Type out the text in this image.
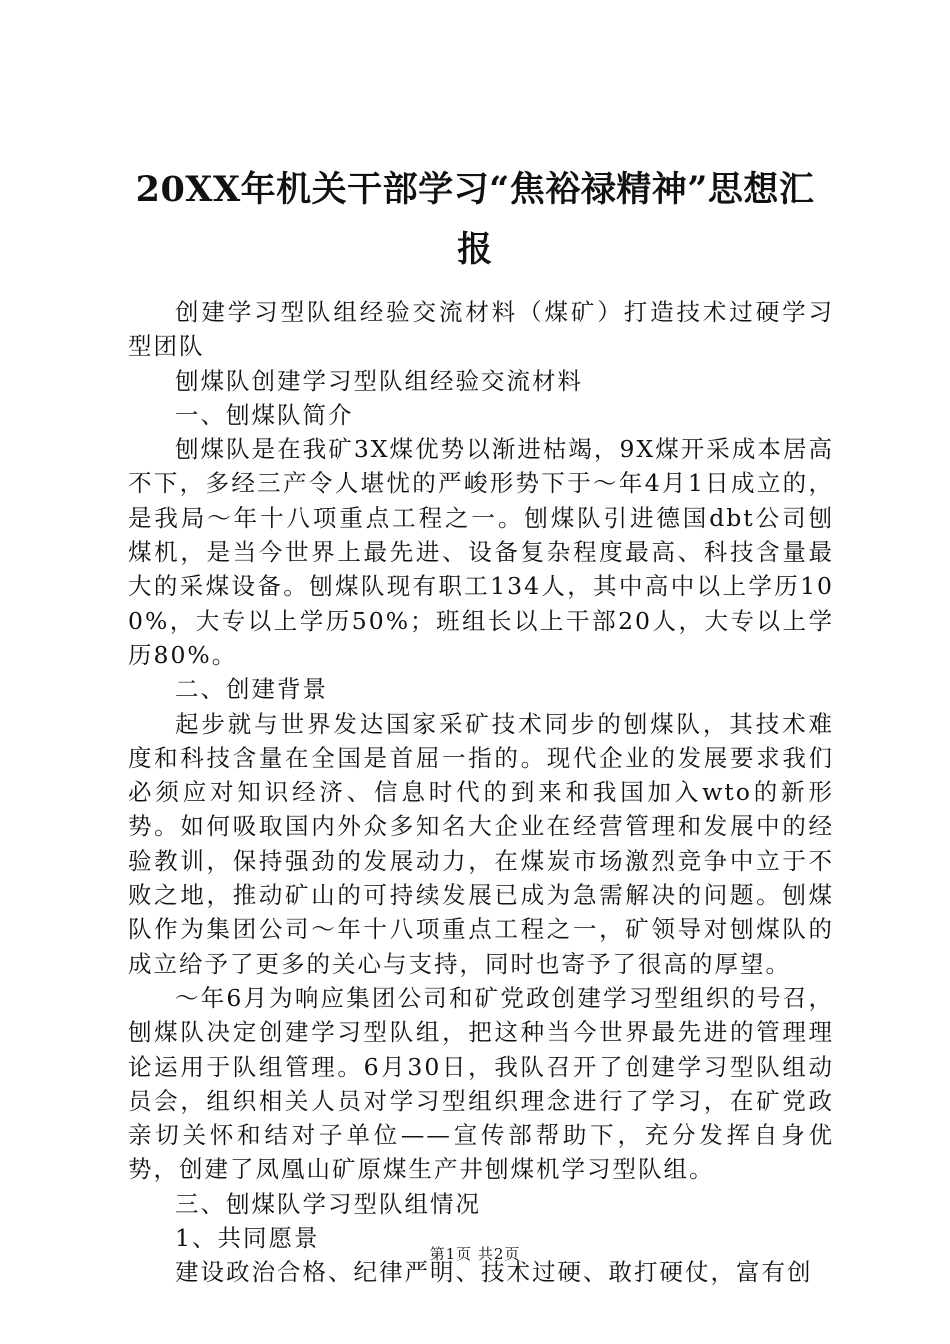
20XX年机关干部学习“焦裕禄精神”思想汇报

创建学习型队组经验交流材料（煤矿）打造技术过硬学习型团队

刨煤队创建学习型队组经验交流材料

一、刨煤队简介

刨煤队是在我矿3X煤优势以渐进枯竭，9X煤开采成本居高不下，多经三产令人堪忧的严峻形势下于～年4月1日成立的，是我局～年十八项重点工程之一。刨煤队引进德国dbt公司刨煤机，是当今世界上最先进、设备复杂程度最高、科技含量最大的采煤设备。刨煤队现有职工134人，其中高中以上学历100%，大专以上学历50%；班组长以上干部20人，大专以上学历80%。

二、创建背景

起步就与世界发达国家采矿技术同步的刨煤队，其技术难度和科技含量在全国是首屈一指的。现代企业的发展要求我们必须应对知识经济、信息时代的到来和我国加入wto的新形势。如何吸取国内外众多知名大企业在经营管理和发展中的经验教训，保持强劲的发展动力，在煤炭市场激烈竞争中立于不败之地，推动矿山的可持续发展已成为急需解决的问题。刨煤队作为集团公司～年十八项重点工程之一，矿领导对刨煤队的成立给予了更多的关心与支持，同时也寄予了很高的厚望。

～年6月为响应集团公司和矿党政创建学习型组织的号召，刨煤队决定创建学习型队组，把这种当今世界最先进的管理理论运用于队组管理。6月30日，我队召开了创建学习型队组动员会，组织相关人员对学习型组织理念进行了学习，在矿党政亲切关怀和结对子单位——宣传部帮助下，充分发挥自身优势，创建了凤凰山矿原煤生产井刨煤机学习型队组。

三、刨煤队学习型队组情况

1、共同愿景

建设政治合格、纪律严明、技术过硬、敢打硬仗，富有创

第1页 共2页
